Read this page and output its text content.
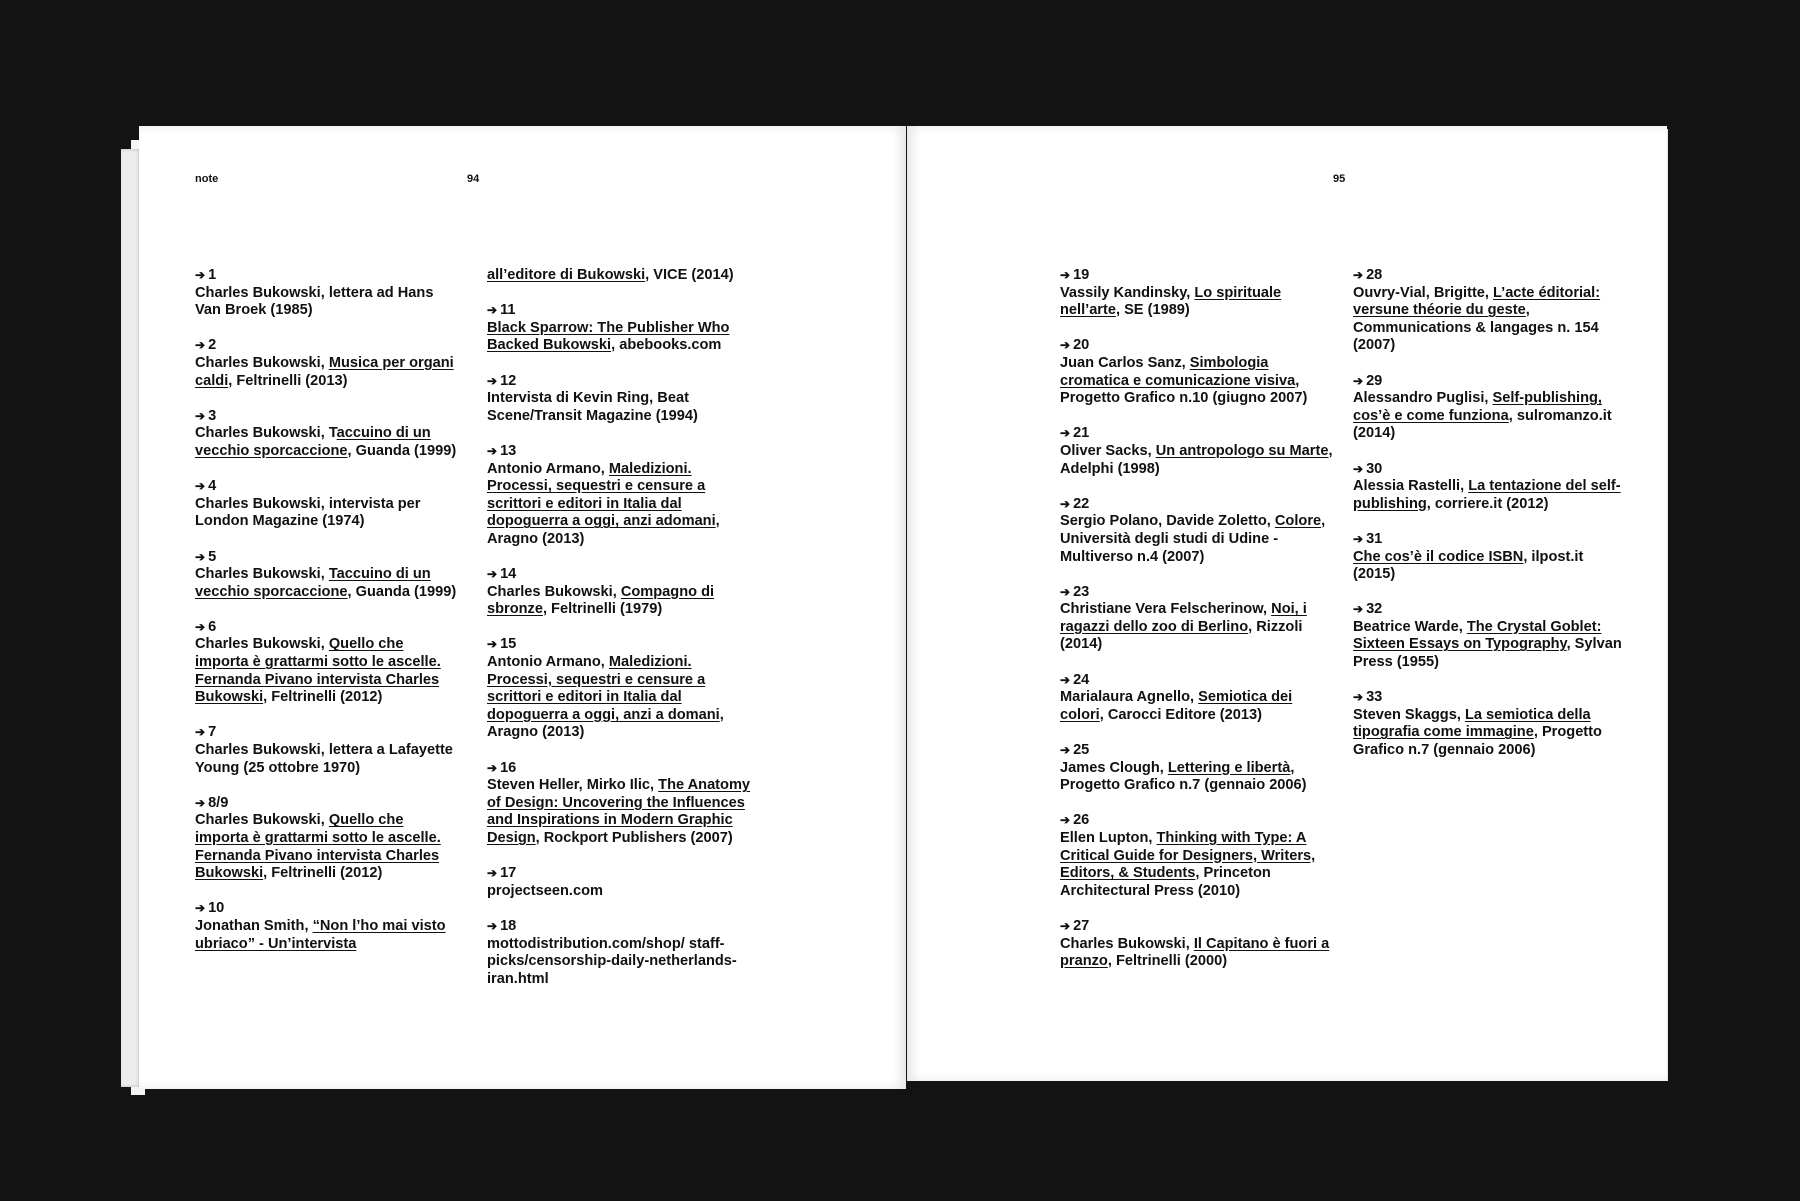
note	94
➔ 1
Charles Bukowski, lettera ad Hans Van Broek (1985)
➔ 2
Charles Bukowski, Musica per organi caldi, Feltrinelli (2013)
➔ 3
Charles Bukowski, Taccuino di un vecchio sporcaccione, Guanda (1999)
➔ 4
Charles Bukowski, intervista per London Magazine (1974)
➔ 5
Charles Bukowski, Taccuino di un vecchio sporcaccione, Guanda (1999)
➔ 6
Charles Bukowski, Quello che importa è grattarmi sotto le ascelle. Fernanda Pivano intervista Charles Bukowski, Feltrinelli (2012)
➔ 7
Charles Bukowski, lettera a Lafayette Young (25 ottobre 1970)
➔ 8/9
Charles Bukowski, Quello che importa è grattarmi sotto le ascelle. Fernanda Pivano intervista Charles Bukowski, Feltrinelli (2012)
➔ 10
Jonathan Smith, “Non l’ho mai visto ubriaco” - Un’intervista
all’editore di Bukowski, VICE (2014)
➔ 11
Black Sparrow: The Publisher Who Backed Bukowski, abebooks.com
➔ 12
Intervista di Kevin Ring, Beat Scene/Transit Magazine (1994)
➔ 13
Antonio Armano, Maledizioni. Processi, sequestri e censure a scrittori e editori in Italia dal dopoguerra a oggi, anzi adomani, Aragno (2013)
➔ 14
Charles Bukowski, Compagno di sbronze, Feltrinelli (1979)
➔ 15
Antonio Armano, Maledizioni. Processi, sequestri e censure a scrittori e editori in Italia dal dopoguerra a oggi, anzi a domani, Aragno (2013)
➔ 16
Steven Heller, Mirko Ilic, The Anatomy of Design: Uncovering the Influences and Inspirations in Modern Graphic Design, Rockport Publishers (2007)
➔ 17
projectseen.com
➔ 18
mottodistribution.com/shop/ staff-picks/censorship-daily-netherlands-iran.html
95
➔ 19
Vassily Kandinsky, Lo spirituale nell’arte, SE (1989)
➔ 20
Juan Carlos Sanz, Simbologia cromatica e comunicazione visiva, Progetto Grafico n.10 (giugno 2007)
➔ 21
Oliver Sacks, Un antropologo su Marte, Adelphi (1998)
➔ 22
Sergio Polano, Davide Zoletto, Colore, Università degli studi di Udine - Multiverso n.4 (2007)
➔ 23
Christiane Vera Felscherinow, Noi, i ragazzi dello zoo di Berlino, Rizzoli (2014)
➔ 24
Marialaura Agnello, Semiotica dei colori, Carocci Editore (2013)
➔ 25
James Clough, Lettering e libertà, Progetto Grafico n.7 (gennaio 2006)
➔ 26
Ellen Lupton, Thinking with Type: A Critical Guide for Designers, Writers, Editors, & Students, Princeton Architectural Press (2010)
➔ 27
Charles Bukowski, Il Capitano è fuori a pranzo, Feltrinelli (2000)
➔ 28
Ouvry-Vial, Brigitte, L’acte éditorial: versune théorie du geste, Communications & langages n. 154 (2007)
➔ 29
Alessandro Puglisi, Self-publishing, cos’è e come funziona, sulromanzo.it (2014)
➔ 30
Alessia Rastelli, La tentazione del self-publishing, corriere.it (2012)
➔ 31
Che cos’è il codice ISBN, ilpost.it (2015)
➔ 32
Beatrice Warde, The Crystal Goblet: Sixteen Essays on Typography, Sylvan Press (1955)
➔ 33
Steven Skaggs, La semiotica della tipografia come immagine, Progetto Grafico n.7 (gennaio 2006)
